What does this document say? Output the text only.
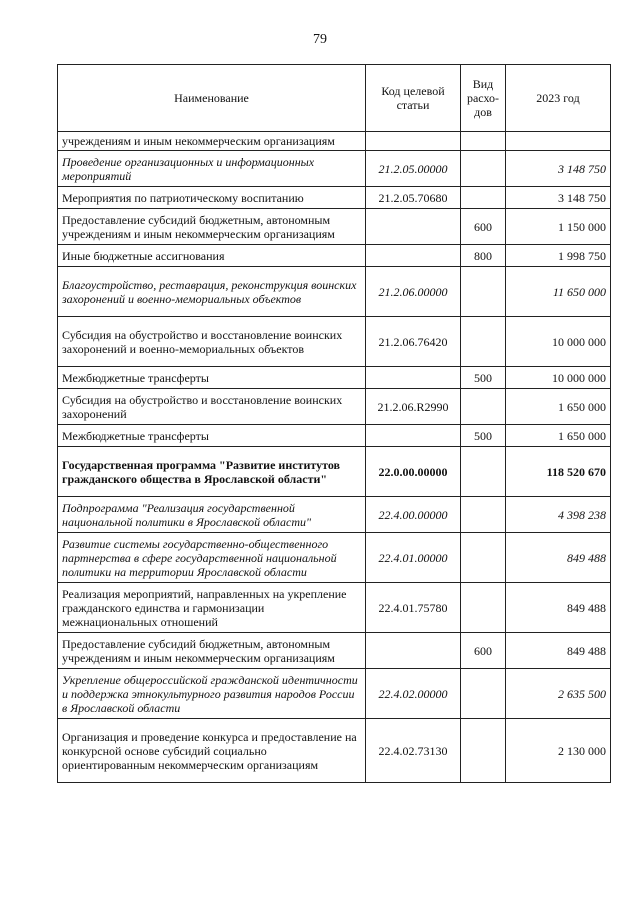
79
Наименование	Код целевой статьи	Вид расхо-дов	2023 год
учреждениям и иным некоммерческим организациям			
Проведение организационных и информационных мероприятий	21.2.05.00000		3 148 750
Мероприятия по патриотическому воспитанию	21.2.05.70680		3 148 750
Предоставление субсидий бюджетным, автономным учреждениям и иным некоммерческим организациям		600	1 150 000
Иные бюджетные ассигнования		800	1 998 750
Благоустройство, реставрация, реконструкция воинских захоронений и военно-мемориальных объектов	21.2.06.00000		11 650 000
Субсидия на обустройство и восстановление воинских захоронений и военно-мемориальных объектов	21.2.06.76420		10 000 000
Межбюджетные трансферты		500	10 000 000
Субсидия на обустройство и восстановление воинских захоронений	21.2.06.R2990		1 650 000
Межбюджетные трансферты		500	1 650 000
Государственная программа "Развитие институтов гражданского общества в Ярославской области"	22.0.00.00000		118 520 670
Подпрограмма "Реализация государственной национальной политики в Ярославской области"	22.4.00.00000		4 398 238
Развитие системы государственно-общественного партнерства в сфере государственной национальной политики на территории Ярославской области	22.4.01.00000		849 488
Реализация мероприятий, направленных на укрепление гражданского единства и гармонизации межнациональных отношений	22.4.01.75780		849 488
Предоставление субсидий бюджетным, автономным учреждениям и иным некоммерческим организациям		600	849 488
Укрепление общероссийской гражданской идентичности и поддержка этнокультурного развития народов России в Ярославской области	22.4.02.00000		2 635 500
Организация и проведение конкурса и предоставление на конкурсной основе субсидий социально ориентированным некоммерческим организациям	22.4.02.73130		2 130 000
